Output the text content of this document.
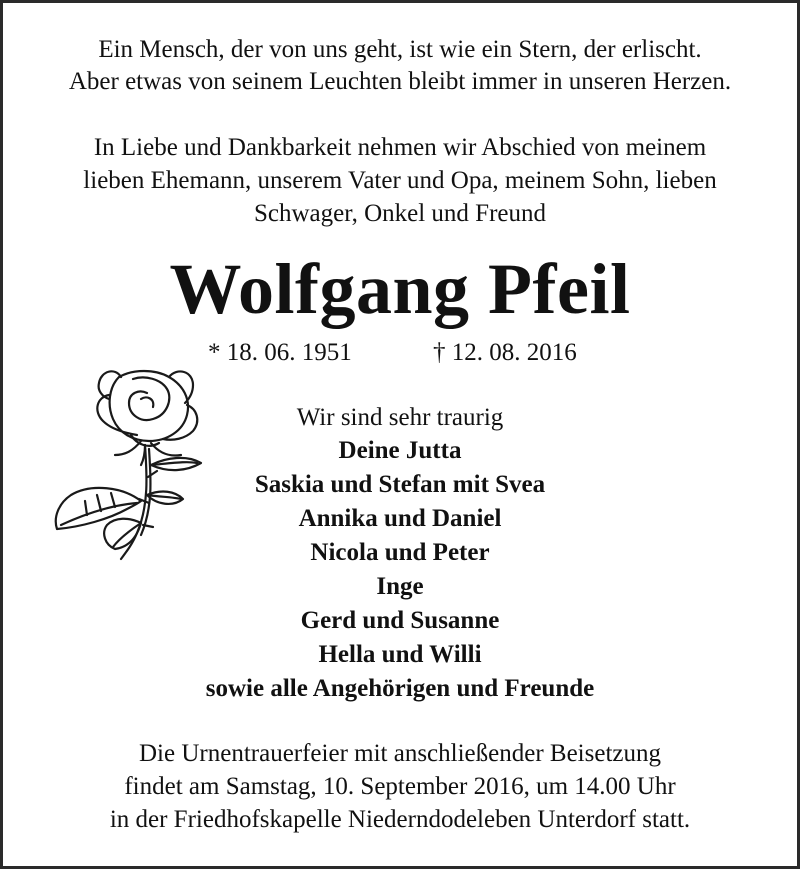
Ein Mensch, der von uns geht, ist wie ein Stern, der erlischt.
Aber etwas von seinem Leuchten bleibt immer in unseren Herzen.
In Liebe und Dankbarkeit nehmen wir Abschied von meinem
lieben Ehemann, unserem Vater und Opa, meinem Sohn, lieben
Schwager, Onkel und Freund
Wolfgang Pfeil
* 18. 06. 1951	† 12. 08. 2016
Wir sind sehr traurig
Deine Jutta
Saskia und Stefan mit Svea
Annika und Daniel
Nicola und Peter
Inge
Gerd und Susanne
Hella und Willi
sowie alle Angehörigen und Freunde
Die Urnentrauerfeier mit anschließender Beisetzung
findet am Samstag, 10. September 2016, um 14.00 Uhr
in der Friedhofskapelle Niederndodeleben Unterdorf statt.
